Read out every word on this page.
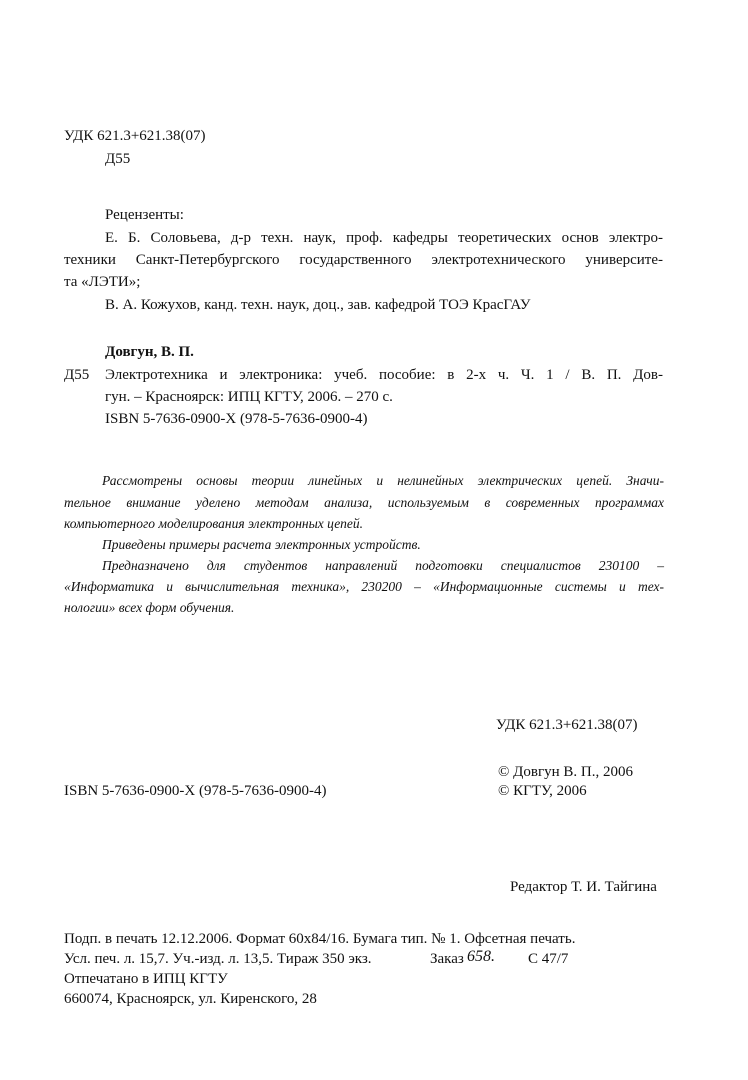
УДК 621.3+621.38(07)
Д55
Рецензенты:
Е. Б. Соловьева, д-р техн. наук, проф. кафедры теоретических основ электро-
техники Санкт-Петербургского государственного электротехнического университе-
та «ЛЭТИ»;
В. А. Кожухов, канд. техн. наук, доц., зав. кафедрой ТОЭ КрасГАУ
Довгун, В. П.
Д55 Электротехника и электроника: учеб. пособие: в 2-х ч. Ч. 1 / В. П. Дов-
гун. – Красноярск: ИПЦ КГТУ, 2006. – 270 с.
ISBN 5-7636-0900-X (978-5-7636-0900-4)
Рассмотрены основы теории линейных и нелинейных электрических цепей. Значи-
тельное внимание уделено методам анализа, используемым в современных программах
компьютерного моделирования электронных цепей.
Приведены примеры расчета электронных устройств.
Предназначено для студентов направлений подготовки специалистов 230100 –
«Информатика и вычислительная техника», 230200 – «Информационные системы и тех-
нологии» всех форм обучения.
УДК 621.3+621.38(07)
© Довгун В. П., 2006
ISBN 5-7636-0900-X (978-5-7636-0900-4)	© КГТУ, 2006
Редактор Т. И. Тайгина
Подп. в печать 12.12.2006. Формат 60x84/16. Бумага тип. № 1. Офсетная печать.
Усл. печ. л. 15,7. Уч.-изд. л. 13,5. Тираж 350 экз.	Заказ 658. С 47/7
Отпечатано в ИПЦ КГТУ
660074, Красноярск, ул. Киренского, 28
